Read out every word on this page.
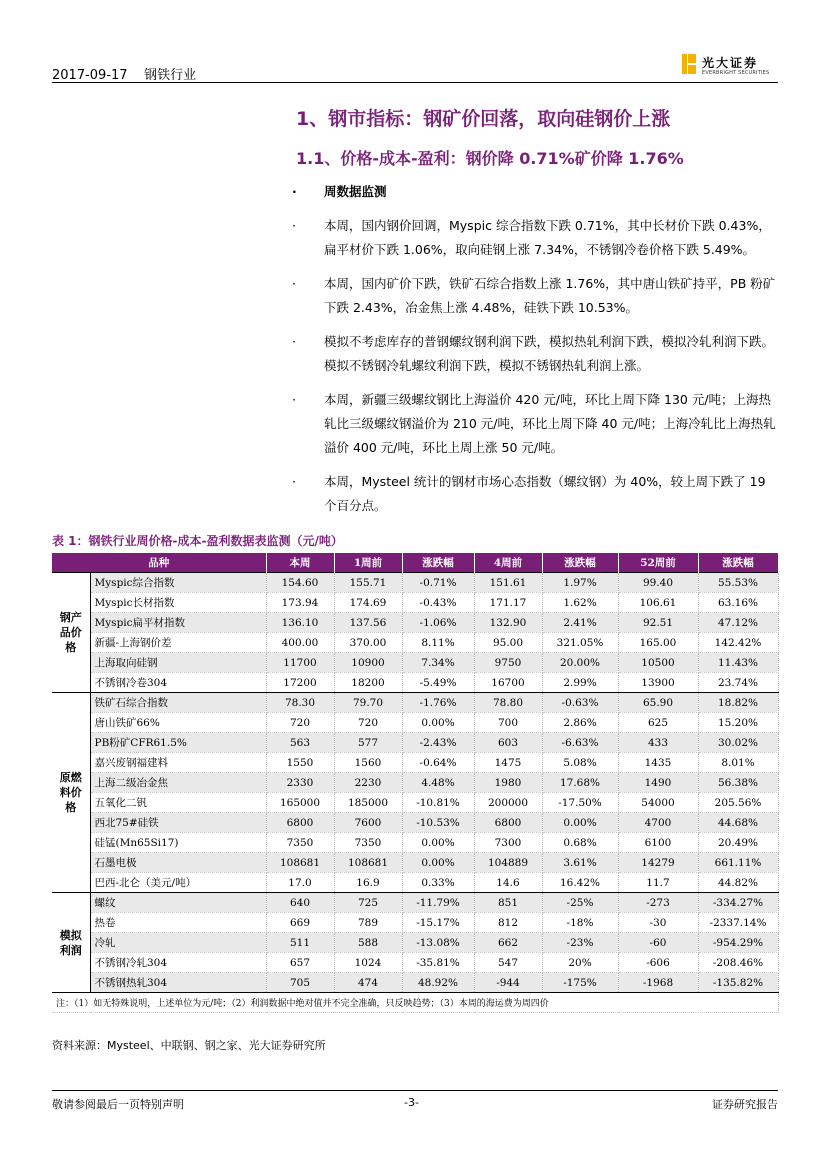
2017-09-17 钢铁行业
光大证券
EVERBRIGHT SECURITIES
1、钢市指标：钢矿价回落，取向硅钢价上涨
1.1、价格-成本-盈利：钢价降 0.71%矿价降 1.76%
· 周数据监测
· 本周，国内钢价回调，Myspic 综合指数下跌 0.71%，其中长材价下跌 0.43%，扁平材价下跌 1.06%，取向硅钢上涨 7.34%，不锈钢冷卷价格下跌 5.49%。
· 本周，国内矿价下跌，铁矿石综合指数上涨 1.76%，其中唐山铁矿持平，PB 粉矿下跌 2.43%，冶金焦上涨 4.48%，硅铁下跌 10.53%。
· 模拟不考虑库存的普钢螺纹钢利润下跌，模拟热轧利润下跌，模拟冷轧利润下跌。模拟不锈钢冷轧螺纹利润下跌，模拟不锈钢热轧利润上涨。
· 本周，新疆三级螺纹钢比上海溢价 420 元/吨，环比上周下降 130 元/吨；上海热轧比三级螺纹钢溢价为 210 元/吨，环比上周下降 40 元/吨；上海冷轧比上海热轧溢价 400 元/吨，环比上周上涨 50 元/吨。
· 本周，Mysteel 统计的钢材市场心态指数（螺纹钢）为 40%，较上周下跌了 19 个百分点。
表 1：钢铁行业周价格-成本-盈利数据表监测（元/吨）
品种		本周	1周前	涨跌幅	4周前	涨跌幅	52周前	涨跌幅
钢产品价格	Myspic综合指数	154.60	155.71	-0.71%	151.61	1.97%	99.40	55.53%
	Myspic长材指数	173.94	174.69	-0.43%	171.17	1.62%	106.61	63.16%
	Myspic扁平材指数	136.10	137.56	-1.06%	132.90	2.41%	92.51	47.12%
	新疆-上海钢价差	400.00	370.00	8.11%	95.00	321.05%	165.00	142.42%
	上海取向硅钢	11700	10900	7.34%	9750	20.00%	10500	11.43%
	不锈钢冷卷304	17200	18200	-5.49%	16700	2.99%	13900	23.74%
原燃料价格	铁矿石综合指数	78.30	79.70	-1.76%	78.80	-0.63%	65.90	18.82%
	唐山铁矿66%	720	720	0.00%	700	2.86%	625	15.20%
	PB粉矿CFR61.5%	563	577	-2.43%	603	-6.63%	433	30.02%
	嘉兴废钢福建料	1550	1560	-0.64%	1475	5.08%	1435	8.01%
	上海二级冶金焦	2330	2230	4.48%	1980	17.68%	1490	56.38%
	五氧化二钒	165000	185000	-10.81%	200000	-17.50%	54000	205.56%
	西北75#硅铁	6800	7600	-10.53%	6800	0.00%	4700	44.68%
	硅锰(Mn65Si17)	7350	7350	0.00%	7300	0.68%	6100	20.49%
	石墨电极	108681	108681	0.00%	104889	3.61%	14279	661.11%
	巴西-北仑（美元/吨）	17.0	16.9	0.33%	14.6	16.42%	11.7	44.82%
模拟利润	螺纹	640	725	-11.79%	851	-25%	-273	-334.27%
	热卷	669	789	-15.17%	812	-18%	-30	-2337.14%
	冷轧	511	588	-13.08%	662	-23%	-60	-954.29%
	不锈钢冷轧304	657	1024	-35.81%	547	20%	-606	-208.46%
	不锈钢热轧304	705	474	48.92%	-944	-175%	-1968	-135.82%
注：（1）如无特殊说明，上述单位为元/吨；（2）利润数据中绝对值并不完全准确，只反映趋势；（3）本周的海运费为周四价								
资料来源：Mysteel、中联钢、钢之家、光大证券研究所
敬请参阅最后一页特别声明	-3-	证券研究报告
